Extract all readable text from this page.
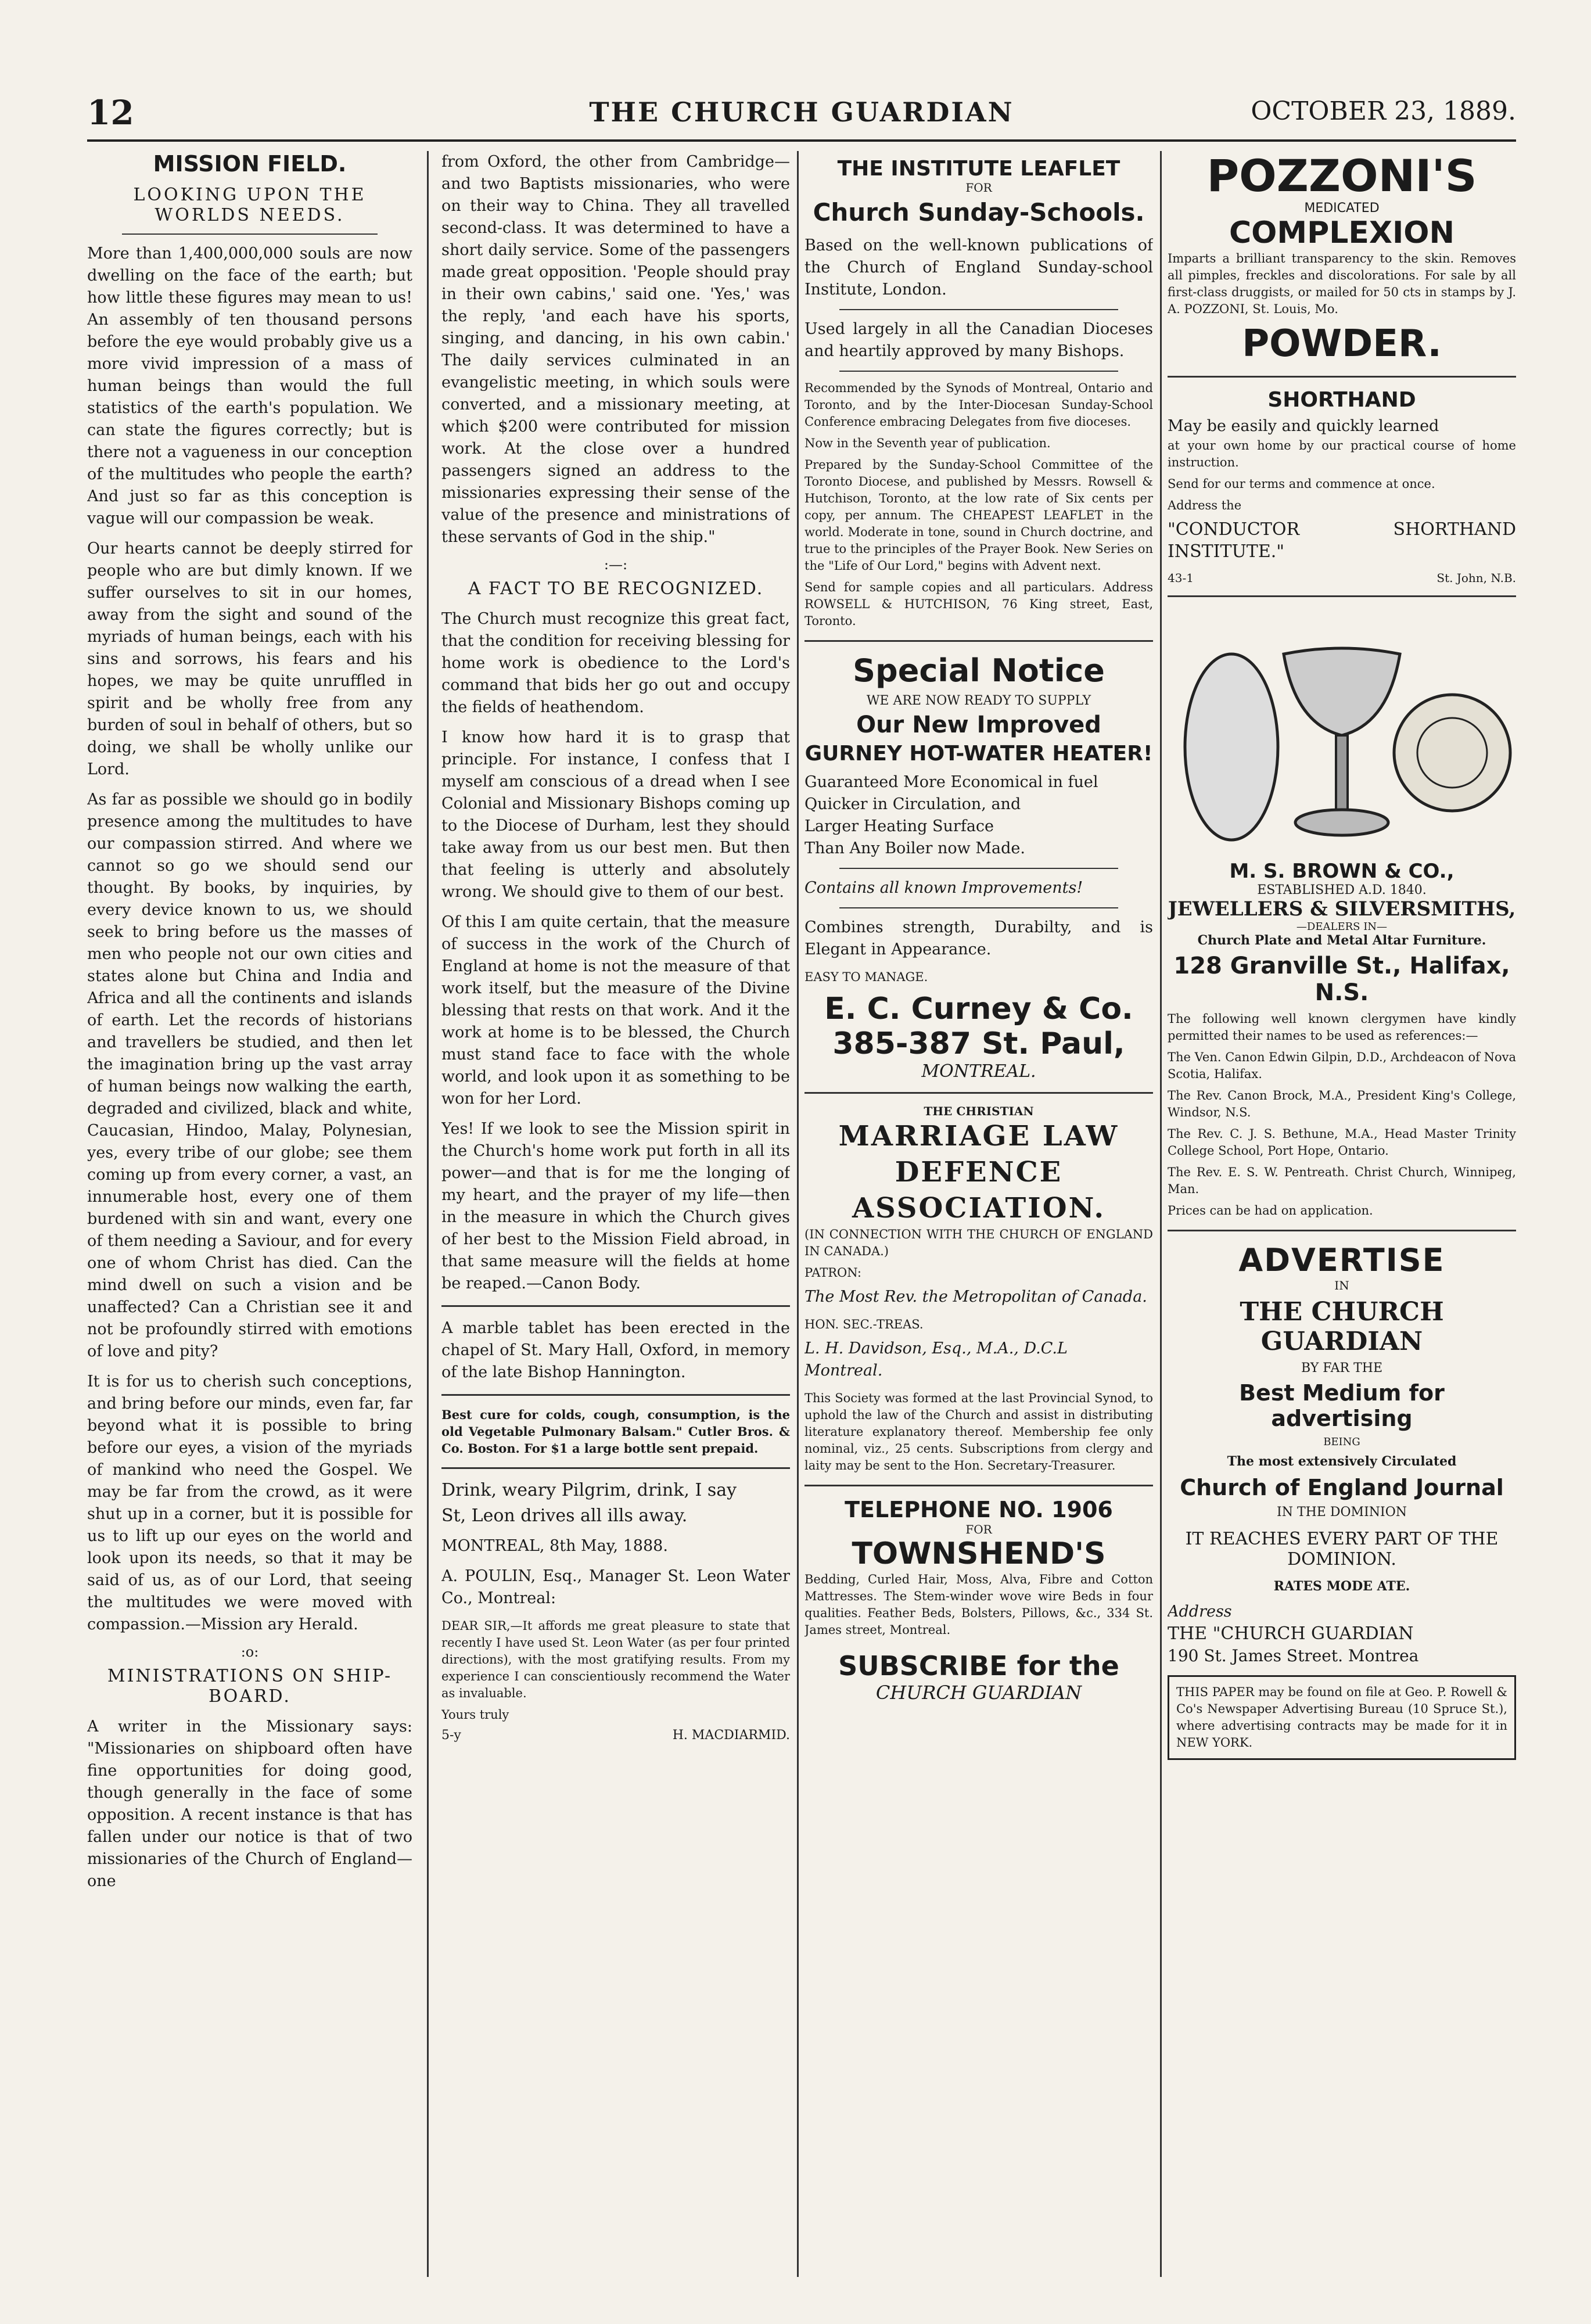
12	THE CHURCH GUARDIAN	OCTOBER 23, 1889.
MISSION FIELD.
LOOKING UPON THE WORLDS NEEDS.

More than 1,400,000,000 souls are now dwelling on the face of the earth; but how little these figures may mean to us! An assembly of ten thousand persons before the eye would probably give us a more vivid impression of a mass of human beings than would the full statistics of the earth's population. We can state the figures correctly; but is there not a vagueness in our conception of the multitudes who people the earth? And just so far as this conception is vague will our compassion be weak.

Our hearts cannot be deeply stirred for people who are but dimly known. If we suffer ourselves to sit in our homes, away from the sight and sound of the myriads of human beings, each with his sins and sorrows, his fears and his hopes, we may be quite unruffled in spirit and be wholly free from any burden of soul in behalf of others, but so doing, we shall be wholly unlike our Lord.

As far as possible we should go in bodily presence among the multitudes to have our compassion stirred. And where we cannot so go we should send our thought. By books, by inquiries, by every device known to us, we should seek to bring before us the masses of men who people not our own cities and states alone but China and India and Africa and all the continents and islands of earth. Let the records of historians and travellers be studied, and then let the imagination bring up the vast array of human beings now walking the earth, degraded and civilized, black and white, Caucasian, Hindoo, Malay, Polynesian, yes, every tribe of our globe; see them coming up from every corner, a vast, an innumerable host, every one of them burdened with sin and want, every one of them needing a Saviour, and for every one of whom Christ has died. Can the mind dwell on such a vision and be unaffected? Can a Christian see it and not be profoundly stirred with emotions of love and pity?

It is for us to cherish such conceptions, and bring before our minds, even far, far beyond what it is possible to bring before our eyes, a vision of the myriads of mankind who need the Gospel. We may be far from the crowd, as it were shut up in a corner, but it is possible for us to lift up our eyes on the world and look upon its needs, so that it may be said of us, as of our Lord, that seeing the multitudes we were moved with compassion.—Mission ary Herald.

:o:
MINISTRATIONS ON SHIP-BOARD.

A writer in the Missionary says: "Missionaries on shipboard often have fine opportunities for doing good, though generally in the face of some opposition. A recent instance is that has fallen under our notice is that of two missionaries of the Church of England—one

from Oxford, the other from Cambridge—and two Baptists missionaries, who were on their way to China. They all travelled second-class. It was determined to have a short daily service. Some of the passengers made great opposition. 'People should pray in their own cabins,' said one. 'Yes,' was the reply, 'and each have his sports, singing, and dancing, in his own cabin.' The daily services culminated in an evangelistic meeting, in which souls were converted, and a missionary meeting, at which $200 were contributed for mission work. At the close over a hundred passengers signed an address to the missionaries expressing their sense of the value of the presence and ministrations of these servants of God in the ship."

:—:
A FACT TO BE RECOGNIZED.

The Church must recognize this great fact, that the condition for receiving blessing for home work is obedience to the Lord's command that bids her go out and occupy the fields of heathendom.

I know how hard it is to grasp that principle. For instance, I confess that I myself am conscious of a dread when I see Colonial and Missionary Bishops coming up to the Diocese of Durham, lest they should take away from us our best men. But then that feeling is utterly and absolutely wrong. We should give to them of our best.

Of this I am quite certain, that the measure of success in the work of the Church of England at home is not the measure of that work itself, but the measure of the Divine blessing that rests on that work. And it the work at home is to be blessed, the Church must stand face to face with the whole world, and look upon it as something to be won for her Lord.

Yes! If we look to see the Mission spirit in the Church's home work put forth in all its power—and that is for me the longing of my heart, and the prayer of my life—then in the measure in which the Church gives of her best to the Mission Field abroad, in that same measure will the fields at home be reaped.—Canon Body.

A marble tablet has been erected in the chapel of St. Mary Hall, Oxford, in memory of the late Bishop Hannington.

Best cure for colds, cough, consumption, is the old Vegetable Pulmonary Balsam." Cutler Bros. & Co. Boston. For $1 a large bottle sent prepaid.

Drink, weary Pilgrim, drink, I say

St, Leon drives all ills away.

MONTREAL, 8th May, 1888.

A. POULIN, Esq., Manager St. Leon Water Co., Montreal:

DEAR SIR,—It affords me great pleasure to state that recently I have used St. Leon Water (as per four printed directions), with the most gratifying results. From my experience I can conscientiously recommend the Water as invaluable.

Yours truly

5-y	H. MACDIARMID.
THE INSTITUTE LEAFLET
FOR
Church Sunday-Schools.

Based on the well-known publications of the Church of England Sunday-school Institute, London.

Used largely in all the Canadian Dioceses and heartily approved by many Bishops.

Recommended by the Synods of Montreal, Ontario and Toronto, and by the Inter-Diocesan Sunday-School Conference embracing Delegates from five dioceses.

Now in the Seventh year of publication.

Prepared by the Sunday-School Committee of the Toronto Diocese, and published by Messrs. Rowsell & Hutchison, Toronto, at the low rate of Six cents per copy, per annum. The CHEAPEST LEAFLET in the world. Moderate in tone, sound in Church doctrine, and true to the principles of the Prayer Book. New Series on the "Life of Our Lord," begins with Advent next.

Send for sample copies and all particulars. Address ROWSELL & HUTCHISON, 76 King street, East, Toronto.

Special Notice
WE ARE NOW READY TO SUPPLY
Our New Improved
GURNEY HOT-WATER HEATER!

Guaranteed More Economical in fuel

Quicker in Circulation, and

Larger Heating Surface

Than Any Boiler now Made.

Contains all known Improvements!

Combines strength, Durabilty, and is Elegant in Appearance.

EASY TO MANAGE.

E. C. Curney & Co.
385-387 St. Paul,
MONTREAL.
THE CHRISTIAN
MARRIAGE LAW DEFENCE ASSOCIATION.

(IN CONNECTION WITH THE CHURCH OF ENGLAND IN CANADA.)

PATRON:

The Most Rev. the Metropolitan of Canada.

HON. SEC.-TREAS.

L. H. Davidson, Esq., M.A., D.C.L

Montreal.

This Society was formed at the last Provincial Synod, to uphold the law of the Church and assist in distributing literature explanatory thereof. Membership fee only nominal, viz., 25 cents. Subscriptions from clergy and laity may be sent to the Hon. Secretary-Treasurer.

TELEPHONE NO. 1906
FOR
TOWNSHEND'S

Bedding, Curled Hair, Moss, Alva, Fibre and Cotton Mattresses. The Stem-winder wove wire Beds in four qualities. Feather Beds, Bolsters, Pillows, &c., 334 St. James street, Montreal.

SUBSCRIBE for the
CHURCH GUARDIAN
POZZONI'S
MEDICATED
COMPLEXION

Imparts a brilliant transparency to the skin. Removes all pimples, freckles and discolorations. For sale by all first-class druggists, or mailed for 50 cts in stamps by J. A. POZZONI, St. Louis, Mo.

POWDER.
SHORTHAND

May be easily and quickly learned

at your own home by our practical course of home instruction.

Send for our terms and commence at once.

Address the

"CONDUCTOR SHORTHAND INSTITUTE."

43-1	St. John, N.B.
M. S. BROWN & CO.,
ESTABLISHED A.D. 1840.
JEWELLERS & SILVERSMITHS,
—DEALERS IN—
Church Plate and Metal Altar Furniture.
128 Granville St., Halifax, N.S.

The following well known clergymen have kindly permitted their names to be used as references:—

The Ven. Canon Edwin Gilpin, D.D., Archdeacon of Nova Scotia, Halifax.

The Rev. Canon Brock, M.A., President King's College, Windsor, N.S.

The Rev. C. J. S. Bethune, M.A., Head Master Trinity College School, Port Hope, Ontario.

The Rev. E. S. W. Pentreath. Christ Church, Winnipeg, Man.

Prices can be had on application.

ADVERTISE
IN
THE CHURCH GUARDIAN
BY FAR THE
Best Medium for advertising
BEING
The most extensively Circulated
Church of England Journal
IN THE DOMINION
IT REACHES EVERY PART OF THE DOMINION.
RATES MODE ATE.

Address

THE "CHURCH GUARDIAN

190 St. James Street. Montrea

THIS PAPER may be found on file at Geo. P. Rowell & Co's Newspaper Advertising Bureau (10 Spruce St.), where advertising contracts may be made for it in NEW YORK.
